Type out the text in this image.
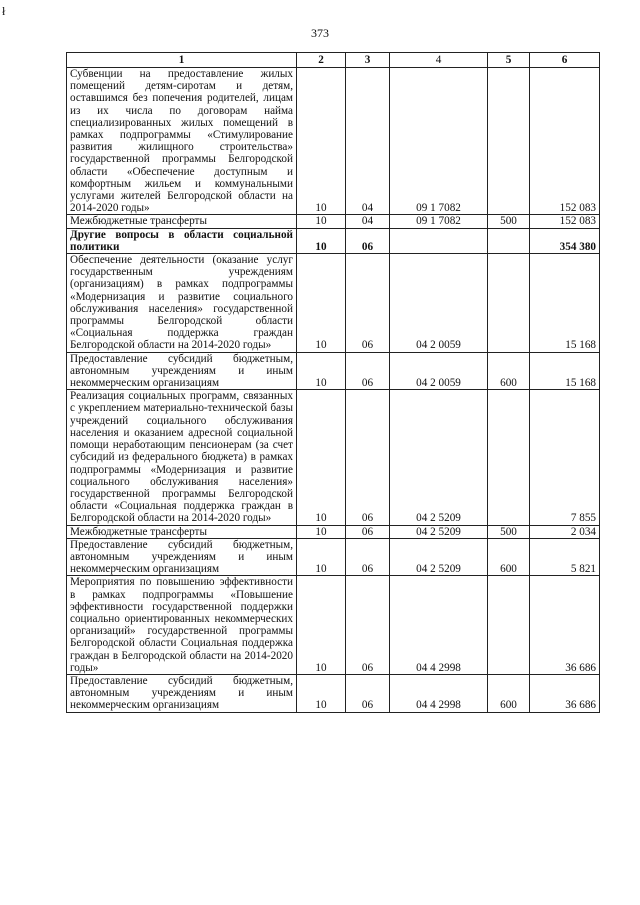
ł
373
1	2	3	4	5	6
Субвенции на предоставление жилых помещений детям-сиротам и детям, оставшимся без попечения родителей, лицам из их числа по договорам найма специализированных жилых помещений в рамках подпрограммы «Стимулирование развития жилищного строительства» государственной программы Белгородской области «Обеспечение доступным и комфортным жильем и коммунальными услугами жителей Белгородской области на 2014-2020 годы»	10	04	09 1 7082		152 083
Межбюджетные трансферты	10	04	09 1 7082	500	152 083
Другие вопросы в области социальной политики	10	06			354 380
Обеспечение деятельности (оказание услуг государственным учреждениям (организациям) в рамках подпрограммы «Модернизация и развитие социального обслуживания населения» государственной программы Белгородской области «Социальная поддержка граждан Белгородской области на 2014-2020 годы»	10	06	04 2 0059		15 168
Предоставление субсидий бюджетным, автономным учреждениям и иным некоммерческим организациям	10	06	04 2 0059	600	15 168
Реализация социальных программ, связанных с укреплением материально-технической базы учреждений социального обслуживания населения и оказанием адресной социальной помощи неработающим пенсионерам (за счет субсидий из федерального бюджета) в рамках подпрограммы «Модернизация и развитие социального обслуживания населения» государственной программы Белгородской области «Социальная поддержка граждан в Белгородской области на 2014-2020 годы»	10	06	04 2 5209		7 855
Межбюджетные трансферты	10	06	04 2 5209	500	2 034
Предоставление субсидий бюджетным, автономным учреждениям и иным некоммерческим организациям	10	06	04 2 5209	600	5 821
Мероприятия по повышению эффективности в рамках подпрограммы «Повышение эффективности государственной поддержки социально ориентированных некоммерческих организаций» государственной программы Белгородской области Социальная поддержка граждан в Белгородской области на 2014-2020 годы»	10	06	04 4 2998		36 686
Предоставление субсидий бюджетным, автономным учреждениям и иным некоммерческим организациям	10	06	04 4 2998	600	36 686
